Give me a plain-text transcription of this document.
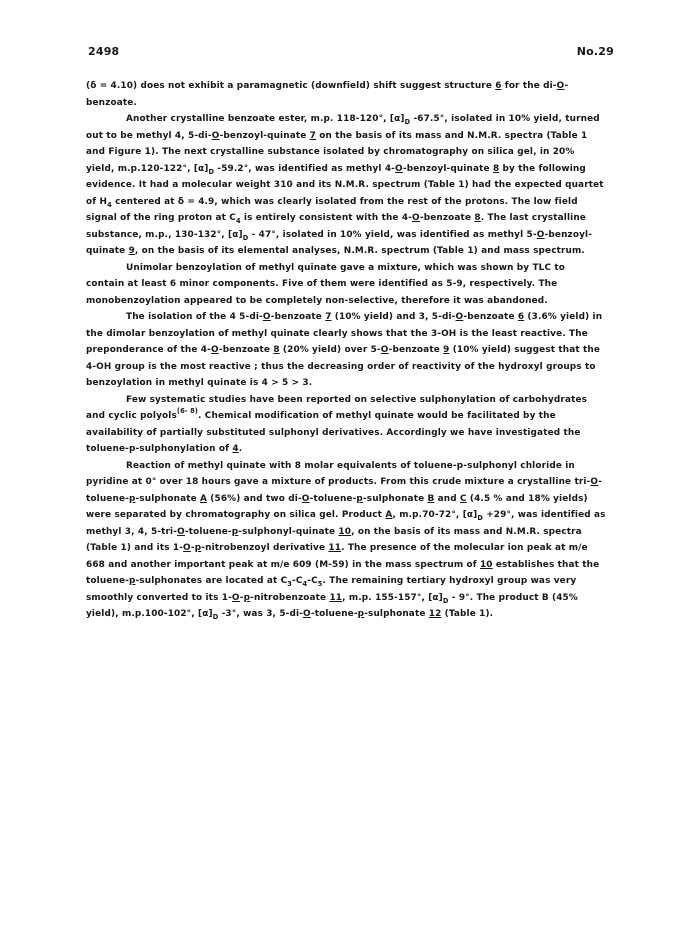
2498	No.29

(δ = 4.10) does not exhibit a paramagnetic (downfield) shift suggest structure 6 for the di-O-benzoate.

Another crystalline benzoate ester, m.p. 118-120°, $[\alpha]_D$ -67.5°, isolated in 10% yield, turned out to be methyl 4, 5-di-O-benzoyl-quinate 7 on the basis of its mass and N.M.R. spectra (Table 1 and Figure 1). The next crystalline substance isolated by chromatography on silica gel, in 20% yield, m.p.120-122°, $[\alpha]_D$ -59.2°, was identified as methyl 4-O-benzoyl-quinate 8 by the following evidence. It had a molecular weight 310 and its N.M.R. spectrum (Table 1) had the expected quartet of $H_4$ centered at δ = 4.9, which was clearly isolated from the rest of the protons. The low field signal of the ring proton at $C_4$ is entirely consistent with the 4-O-benzoate 8. The last crystalline substance, m.p., 130-132°, $[\alpha]_D - 47^\circ$, isolated in 10% yield, was identified as methyl 5-O-benzoyl-quinate 9, on the basis of its elemental analyses, N.M.R. spectrum (Table 1) and mass spectrum.

Unimolar benzoylation of methyl quinate gave a mixture, which was shown by TLC to contain at least 6 minor components. Five of them were identified as 5-9, respectively. The monobenzoylation appeared to be completely non-selective, therefore it was abandoned.

The isolation of the 4 5-di-O-benzoate 7 (10% yield) and 3, 5-di-O-benzoate 6 (3.6% yield) in the dimolar benzoylation of methyl quinate clearly shows that the 3-OH is the least reactive. The preponderance of the 4-O-benzoate 8 (20% yield) over 5-O-benzoate 9 (10% yield) suggest that the 4-OH group is the most reactive ; thus the decreasing order of reactivity of the hydroxyl groups to benzoylation in methyl quinate is 4 > 5 > 3.

Few systematic studies have been reported on selective sulphonylation of carbohydrates and cyclic polyols$^{(6- 8)}$. Chemical modification of methyl quinate would be facilitated by the availability of partially substituted sulphonyl derivatives. Accordingly we have investigated the toluene-p-sulphonylation of 4.

Reaction of methyl quinate with 8 molar equivalents of toluene-p-sulphonyl chloride in pyridine at 0° over 18 hours gave a mixture of products. From this crude mixture a crystalline tri-O-toluene-p-sulphonate A (56%) and two di-O-toluene-p-sulphonate B and C (4.5 % and 18% yields) were separated by chromatography on silica gel. Product A, m.p.70-72°, $[\alpha]_D +29^\circ$, was identified as methyl 3, 4, 5-tri-O-toluene-p-sulphonyl-quinate 10, on the basis of its mass and N.M.R. spectra (Table 1) and its 1-O-p-nitrobenzoyl derivative 11. The presence of the molecular ion peak at m/e 668 and another important peak at m/e 609 (M-59) in the mass spectrum of 10 establishes that the toluene-p-sulphonates are located at $C_3-C_4-C_5$. The remaining tertiary hydroxyl group was very smoothly converted to its 1-O-p-nitrobenzoate 11, m.p. 155-157°, $[\alpha]_D - 9^\circ$. The product B (45% yield), m.p.100-102°, $[\alpha]_D$ -3°, was 3, 5-di-O-toluene-p-sulphonate 12 (Table 1).
